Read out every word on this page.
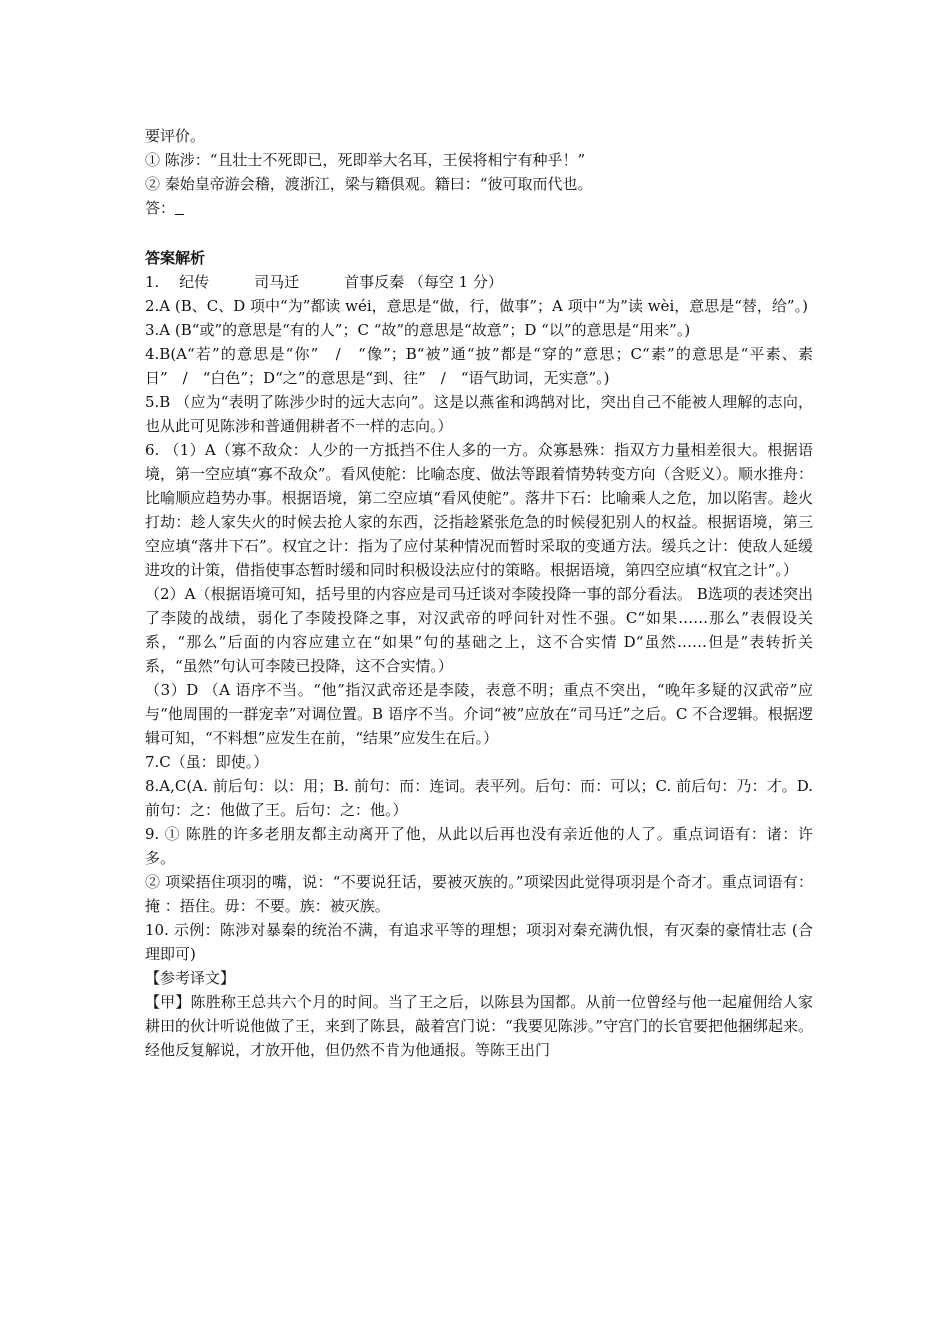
要评价。

① 陈涉：“且壮士不死即已，死即举大名耳，王侯将相宁有种乎！”

② 秦始皇帝游会稽，渡浙江，梁与籍俱观。籍曰：“彼可取而代也。

答：

答案解析

1.　 纪传　　　司马迁　　　首事反秦 （每空 1 分）

2.A (B、C、D 项中“为”都读 wéi，意思是“做，行，做事”；A 项中“为”读 wèi，意思是“替，给”。)

3.A (B“或”的意思是“有的人”；C “故”的意思是“故意”；D “以”的意思是“用来”。)

4.B(A“若”的意思是“你”　/　“像”；B“被”通“披”都是“穿的”意思；C“素”的意思是“平素、素日”　/　“白色”；D“之”的意思是“到、往”　/　“语气助词，无实意”。)

5.B （应为“表明了陈涉少时的远大志向”。这是以燕雀和鸿鹄对比，突出自己不能被人理解的志向，也从此可见陈涉和普通佣耕者不一样的志向。）

6. （1）A（寡不敌众：人少的一方抵挡不住人多的一方。众寡悬殊：指双方力量相差很大。根据语境，第一空应填“寡不敌众”。看风使舵：比喻态度、做法等跟着情势转变方向（含贬义）。顺水推舟：比喻顺应趋势办事。根据语境，第二空应填“看风使舵”。落井下石：比喻乘人之危，加以陷害。趁火打劫：趁人家失火的时候去抢人家的东西，泛指趁紧张危急的时候侵犯别人的权益。根据语境，第三空应填“落井下石”。权宜之计：指为了应付某种情况而暂时采取的变通方法。缓兵之计：使敌人延缓进攻的计策，借指使事态暂时缓和同时积极设法应付的策略。根据语境，第四空应填“权宜之计”。）

（2）A（根据语境可知，括号里的内容应是司马迁谈对李陵投降一事的部分看法。 B选项的表述突出了李陵的战绩，弱化了李陵投降之事，对汉武帝的呼问针对性不强。C“如果……那么”表假设关系，“那么”后面的内容应建立在“如果”句的基础之上，这不合实情 D“虽然……但是”表转折关系，“虽然”句认可李陵已投降，这不合实情。）

（3）D （A 语序不当。“他”指汉武帝还是李陵，表意不明；重点不突出，“晚年多疑的汉武帝”应与“他周围的一群宠幸”对调位置。B 语序不当。介词“被”应放在“司马迁”之后。C 不合逻辑。根据逻辑可知，“不料想”应发生在前，“结果”应发生在后。）

7.C（虽：即使。）

8.A,C(A. 前后句：以：用；B. 前句：而：连词。表平列。后句：而：可以；C. 前后句：乃：才。D. 前句：之：他做了王。后句：之：他。）

9. ① 陈胜的许多老朋友都主动离开了他，从此以后再也没有亲近他的人了。重点词语有：诸：许多。

② 项梁捂住项羽的嘴，说：“不要说狂话，要被灭族的。”项梁因此觉得项羽是个奇才。重点词语有：掩 ：捂住。毋：不要。族：被灭族。

10. 示例：陈涉对暴秦的统治不满，有追求平等的理想；项羽对秦充满仇恨，有灭秦的豪情壮志 (合理即可)

【参考译文】

【甲】陈胜称王总共六个月的时间。当了王之后，以陈县为国都。从前一位曾经与他一起雇佣给人家耕田的伙计听说他做了王，来到了陈县，敲着宫门说：“我要见陈涉。”守宫门的长官要把他捆绑起来。经他反复解说，才放开他，但仍然不肯为他通报。等陈王出门
